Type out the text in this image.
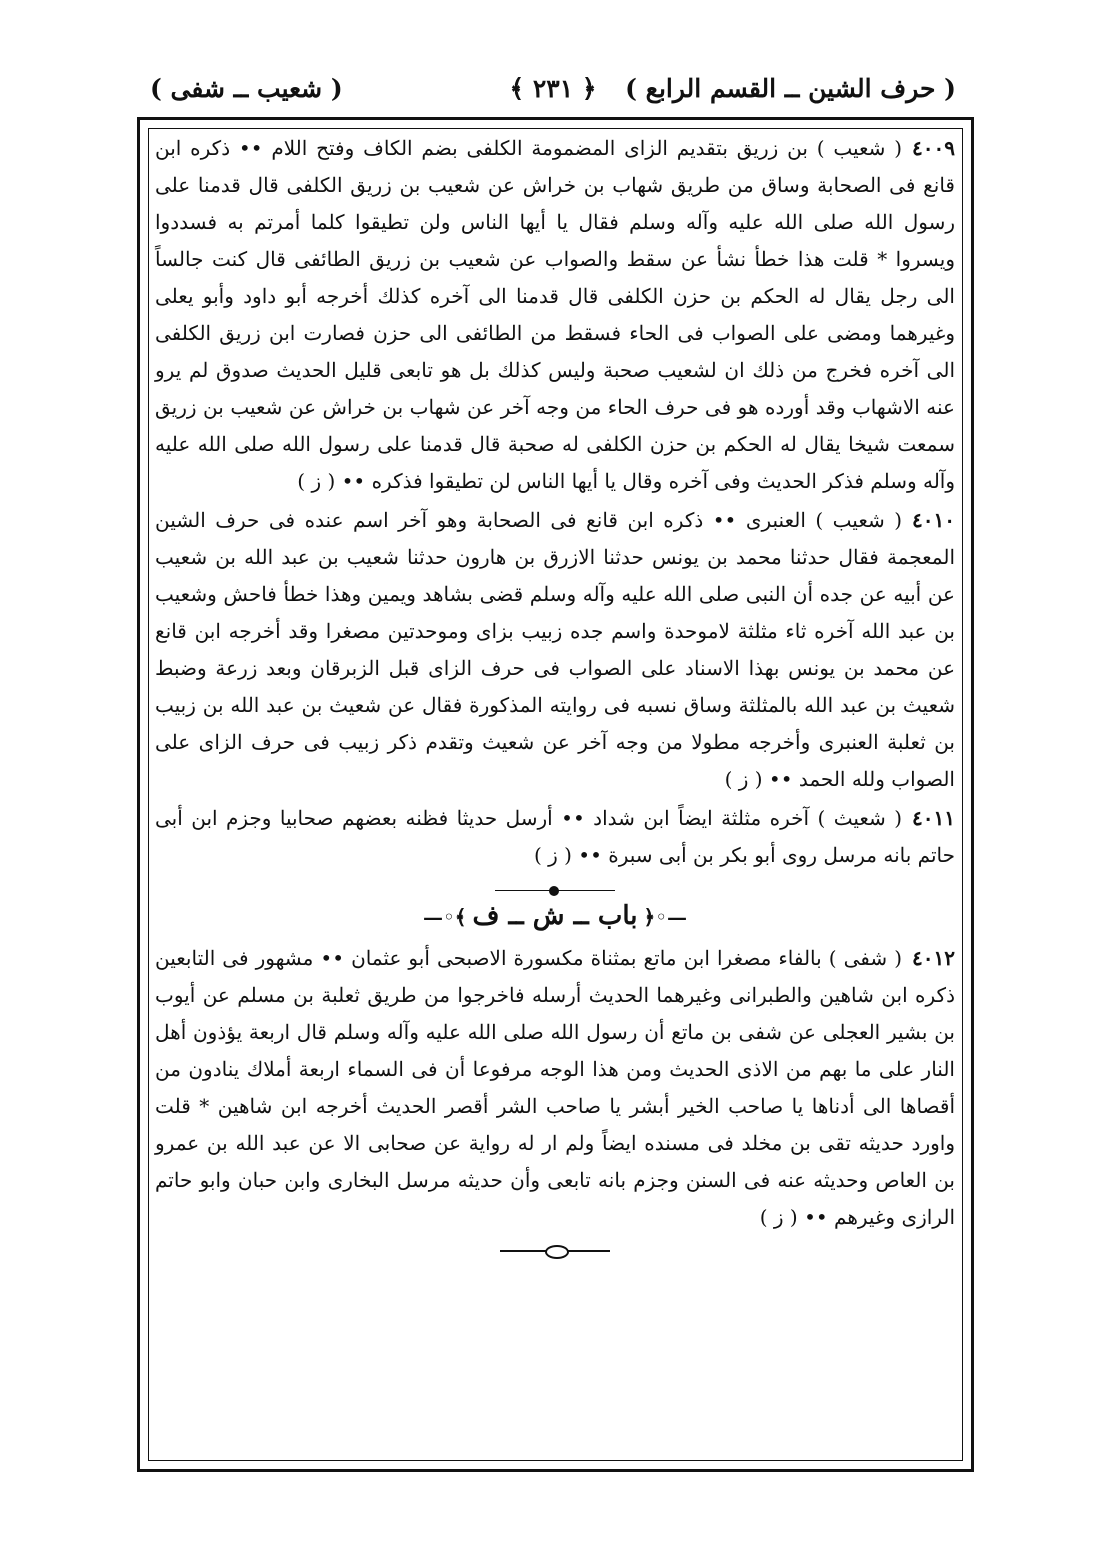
( حرف الشين ــ القسم الرابع )
﴿ ٢٣١ ﴾
( شعيب ــ شفى )

٤٠٠٩( شعيب ) بن زريق بتقديم الزاى المضمومة الكلفى بضم الكاف وفتح اللام •• ذكره ابن قانع فى الصحابة وساق من طريق شهاب بن خراش عن شعيب بن زريق الكلفى قال قدمنا على رسول الله صلى الله عليه وآله وسلم فقال يا أيها الناس ولن تطيقوا كلما أمرتم به فسددوا ويسروا * قلت هذا خطأ نشأ عن سقط والصواب عن شعيب بن زريق الطائفى قال كنت جالساً الى رجل يقال له الحكم بن حزن الكلفى قال قدمنا الى آخره كذلك أخرجه أبو داود وأبو يعلى وغيرهما ومضى على الصواب فى الحاء فسقط من الطائفى الى حزن فصارت ابن زريق الكلفى الى آخره فخرج من ذلك ان لشعيب صحبة وليس كذلك بل هو تابعى قليل الحديث صدوق لم يرو عنه الاشهاب وقد أورده هو فى حرف الحاء من وجه آخر عن شهاب بن خراش عن شعيب بن زريق سمعت شيخا يقال له الحكم بن حزن الكلفى له صحبة قال قدمنا على رسول الله صلى الله عليه وآله وسلم فذكر الحديث وفى آخره وقال يا أيها الناس لن تطيقوا فذكره •• ( ز )

٤٠١٠( شعيب ) العنبرى •• ذكره ابن قانع فى الصحابة وهو آخر اسم عنده فى حرف الشين المعجمة فقال حدثنا محمد بن يونس حدثنا الازرق بن هارون حدثنا شعيب بن عبد الله بن شعيب عن أبيه عن جده أن النبى صلى الله عليه وآله وسلم قضى بشاهد ويمين وهذا خطأ فاحش وشعيب بن عبد الله آخره ثاء مثلثة لاموحدة واسم جده زبيب بزاى وموحدتين مصغرا وقد أخرجه ابن قانع عن محمد بن يونس بهذا الاسناد على الصواب فى حرف الزاى قبل الزبرقان وبعد زرعة وضبط شعيث بن عبد الله بالمثلثة وساق نسبه فى روايته المذكورة فقال عن شعيث بن عبد الله بن زبيب بن ثعلبة العنبرى وأخرجه مطولا من وجه آخر عن شعيث وتقدم ذكر زبيب فى حرف الزاى على الصواب ولله الحمد •• ( ز )

٤٠١١( شعيث ) آخره مثلثة ايضاً ابن شداد •• أرسل حديثا فظنه بعضهم صحابيا وجزم ابن أبى حاتم بانه مرسل روى أبو بكر بن أبى سبرة •• ( ز )

—◦﴿باب ــ ش ــ ف﴾◦—

٤٠١٢( شفى ) بالفاء مصغرا ابن ماتع بمثناة مكسورة الاصبحى أبو عثمان •• مشهور فى التابعين ذكره ابن شاهين والطبرانى وغيرهما الحديث أرسله فاخرجوا من طريق ثعلبة بن مسلم عن أيوب بن بشير العجلى عن شفى بن ماتع أن رسول الله صلى الله عليه وآله وسلم قال اربعة يؤذون أهل النار على ما بهم من الاذى الحديث ومن هذا الوجه مرفوعا أن فى السماء اربعة أملاك ينادون من أقصاها الى أدناها يا صاحب الخير أبشر يا صاحب الشر أقصر الحديث أخرجه ابن شاهين * قلت واورد حديثه تقى بن مخلد فى مسنده ايضاً ولم ار له رواية عن صحابى الا عن عبد الله بن عمرو بن العاص وحديثه عنه فى السنن وجزم بانه تابعى وأن حديثه مرسل البخارى وابن حبان وابو حاتم الرازى وغيرهم •• ( ز )
